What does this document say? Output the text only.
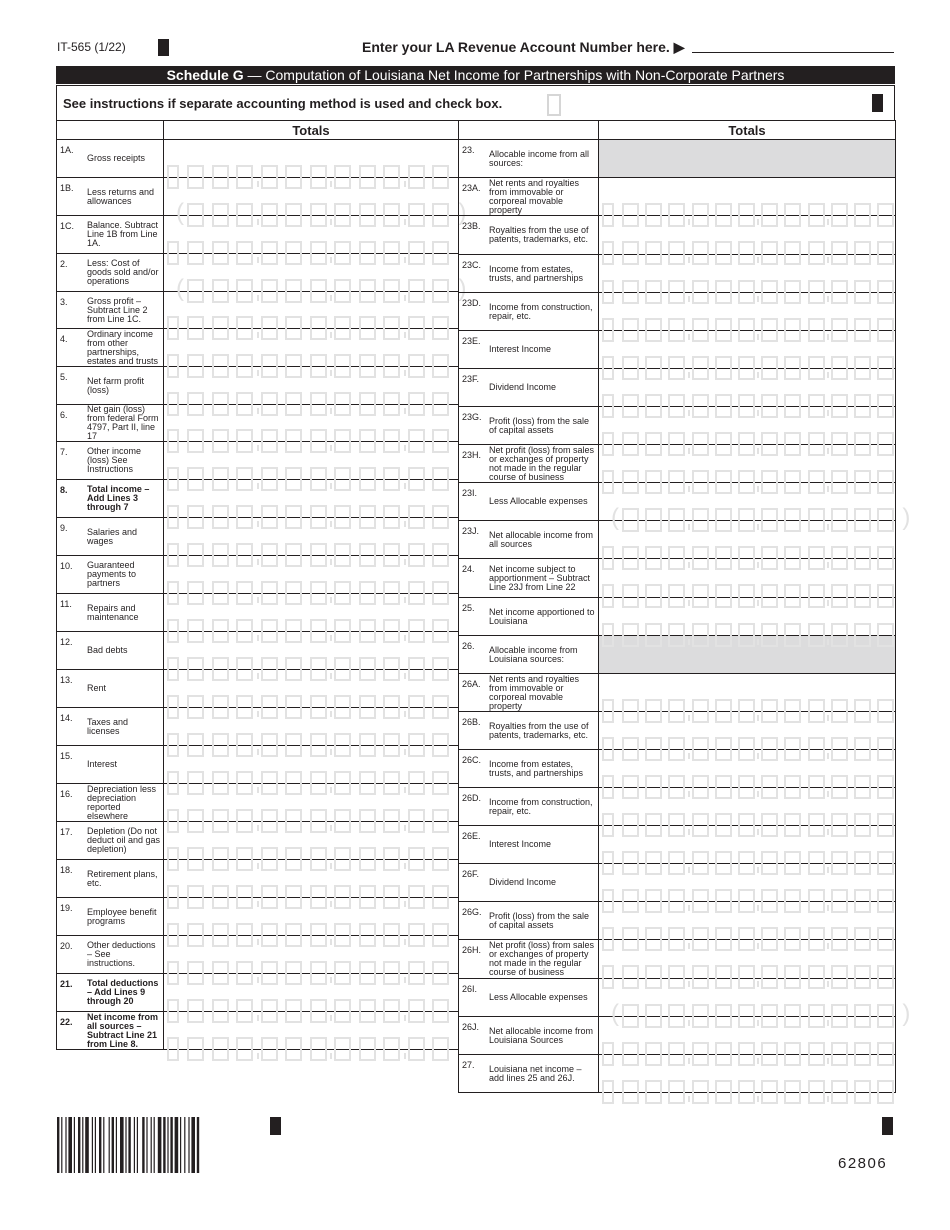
IT-565 (1/22)	Enter your LA Revenue Account Number here. ▶
Schedule G — Computation of Louisiana Net Income for Partnerships with Non-Corporate Partners
See instructions if separate accounting method is used and check box.
	Totals

1A.
Gross receipts	

1B. Less returns and allowances	( )

1C. Balance. Subtract Line 1B from Line 1A.	

2. Less: Cost of goods sold and/or operations	( )

3. Gross profit – Subtract Line 2 from Line 1C.	

4.
Ordinary income from other partnerships, estates and trusts	

5. Net farm profit (loss)	

6.
Net gain (loss) from federal Form 4797, Part II, line 17	

7. Other income (loss) See Instructions	

8. Total income – Add Lines 3 through 7	

9. Salaries and wages	

10. Guaranteed payments to partners	

11. Repairs and maintenance	

12.
Bad debts	

13.
Rent	

14. Taxes and licenses	

15.
Interest	

16.
Depreciation less depreciation reported elsewhere	

17. Depletion (Do not deduct oil and gas depletion)	

18. Retirement plans, etc.	

19. Employee benefit programs	

20. Other deductions – See instructions.	

21. Total deductions – Add Lines 9 through 20	

22.
Net income from all sources – Subtract Line 21 from Line 8.	

	Totals

23. Allocable income from all sources:	

23A.
Net rents and royalties from immovable or corporeal movable property	

23B. Royalties from the use of patents, trademarks, etc.	

23C. Income from estates, trusts, and partnerships	

23D. Income from construction, repair, etc.	

23E.
Interest Income	

23F.
Dividend Income	

23G. Profit (loss) from the sale of capital assets	

23H.
Net profit (loss) from sales or exchanges of property not made in the regular course of business	

23I.
Less Allocable expenses	( )

23J. Net allocable income from all sources	

24. Net income subject to apportionment – Subtract Line 23J from Line 22	

25. Net income apportioned to Louisiana	

26. Allocable income from Louisiana sources:	

26A.
Net rents and royalties from immovable or corporeal movable property	

26B. Royalties from the use of patents, trademarks, etc.	

26C. Income from estates, trusts, and partnerships	

26D. Income from construction, repair, etc.	

26E.
Interest Income	

26F.
Dividend Income	

26G. Profit (loss) from the sale of capital assets	

26H. Net profit (loss) from sales or exchanges of property not made in the regular course of business	

26I.
Less Allocable expenses	( )

26J. Net allocable income from Louisiana Sources	

27. Louisiana net income – add lines 25 and 26J.	

62806
